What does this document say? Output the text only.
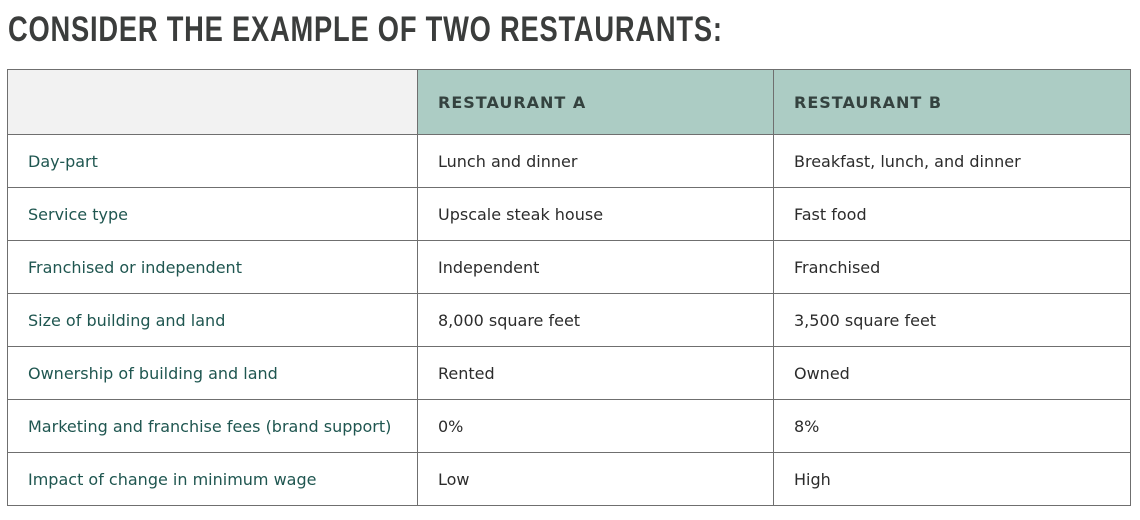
CONSIDER THE EXAMPLE OF TWO RESTAURANTS:
	RESTAURANT A	RESTAURANT B
Day-part	Lunch and dinner	Breakfast, lunch, and dinner
Service type	Upscale steak house	Fast food
Franchised or independent	Independent	Franchised
Size of building and land	8,000 square feet	3,500 square feet
Ownership of building and land	Rented	Owned
Marketing and franchise fees (brand support)	0%	8%
Impact of change in minimum wage	Low	High
